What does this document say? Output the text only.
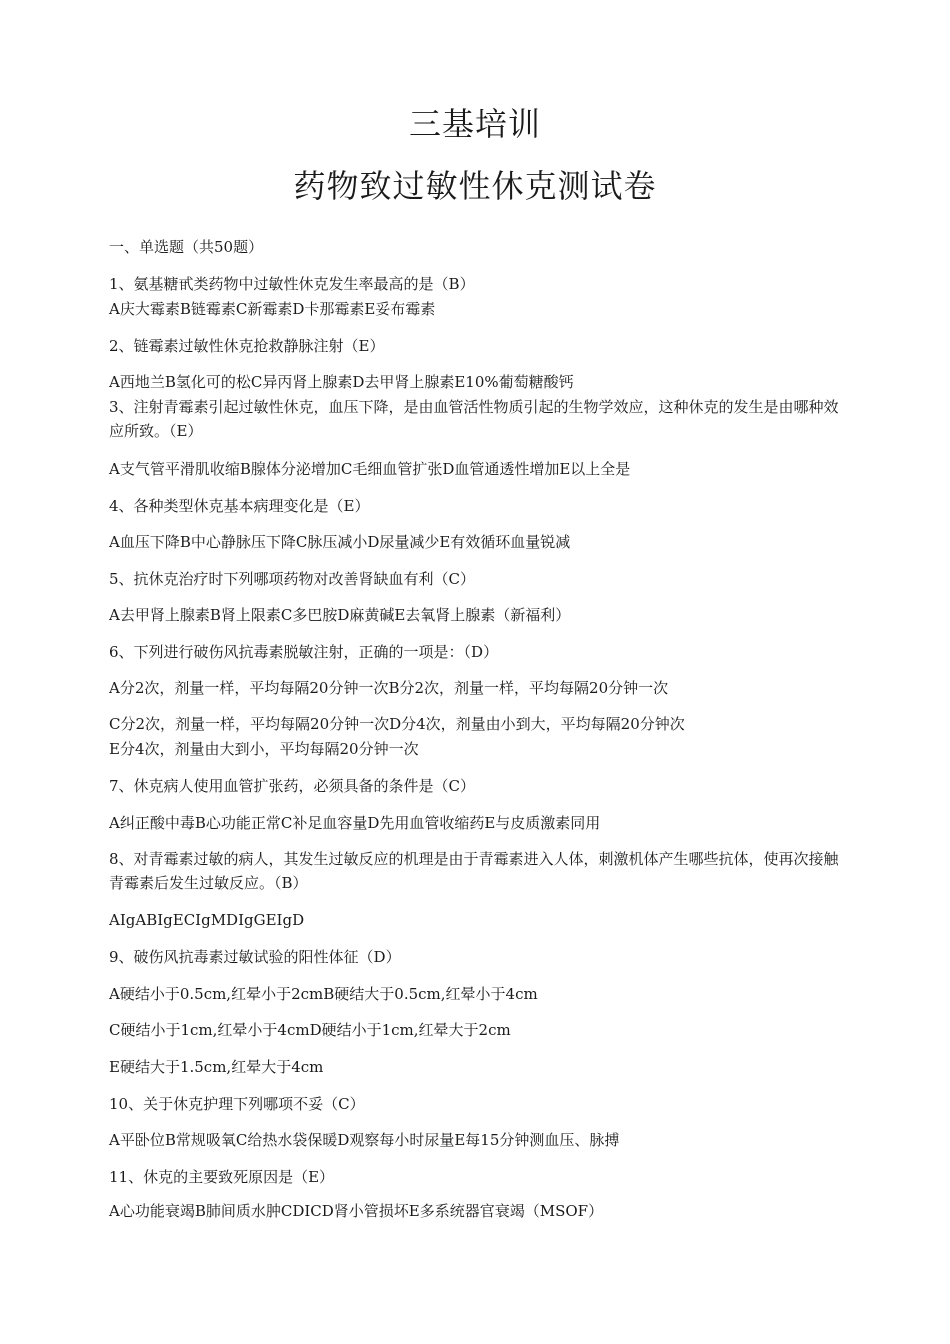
三基培训
药物致过敏性休克测试卷
一、单选题（共50题）
1、氨基糖甙类药物中过敏性休克发生率最高的是（B）
A庆大霉素B链霉素C新霉素D卡那霉素E妥布霉素
2、链霉素过敏性休克抢救静脉注射（E）
A西地兰B氢化可的松C异丙肾上腺素D去甲肾上腺素E10%葡萄糖酸钙
3、注射青霉素引起过敏性休克，血压下降，是由血管活性物质引起的生物学效应，这种休克的发生是由哪种效应所致。（E）
A支气管平滑肌收缩B腺体分泌增加C毛细血管扩张D血管通透性增加E以上全是
4、各种类型休克基本病理变化是（E）
A血压下降B中心静脉压下降C脉压减小D尿量减少E有效循环血量锐减
5、抗休克治疗时下列哪项药物对改善肾缺血有利（C）
A去甲肾上腺素B肾上限素C多巴胺D麻黄碱E去氧肾上腺素（新福利）
6、下列进行破伤风抗毒素脱敏注射，正确的一项是：（D）
A分2次，剂量一样，平均每隔20分钟一次B分2次，剂量一样，平均每隔20分钟一次
C分2次，剂量一样，平均每隔20分钟一次D分4次，剂量由小到大，平均每隔20分钟次
E分4次，剂量由大到小，平均每隔20分钟一次
7、休克病人使用血管扩张药，必须具备的条件是（C）
A纠正酸中毒B心功能正常C补足血容量D先用血管收缩药E与皮质激素同用
8、对青霉素过敏的病人，其发生过敏反应的机理是由于青霉素进入人体，刺激机体产生哪些抗体，使再次接触青霉素后发生过敏反应。（B）
AIgABIgECIgMDIgGEIgD
9、破伤风抗毒素过敏试验的阳性体征（D）
A硬结小于0.5cm,红晕小于2cmB硬结大于0.5cm,红晕小于4cm
C硬结小于1cm,红晕小于4cmD硬结小于1cm,红晕大于2cm
E硬结大于1.5cm,红晕大于4cm
10、关于休克护理下列哪项不妥（C）
A平卧位B常规吸氧C给热水袋保暖D观察每小时尿量E每15分钟测血压、脉搏
11、休克的主要致死原因是（E）
A心功能衰竭B肺间质水肿CDICD肾小管损坏E多系统器官衰竭（MSOF）
